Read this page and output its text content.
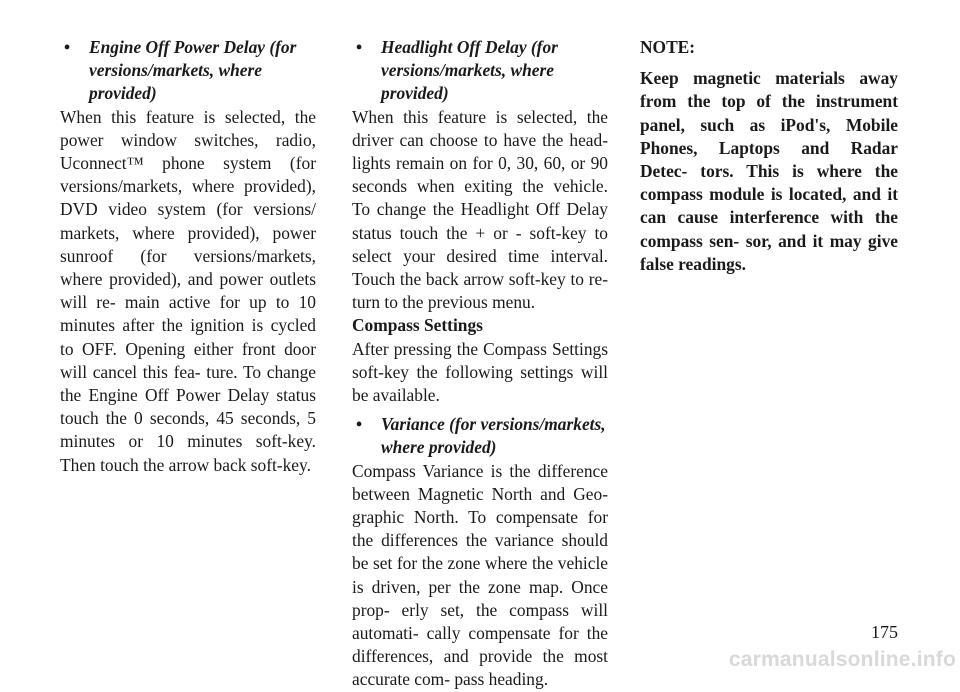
• Engine Off Power Delay (for versions/markets, where provided)

When this feature is selected, the power window switches, radio, Uconnect™ phone system (for versions/markets, where provided), DVD video system (for versions/ markets, where provided), power sunroof (for versions/markets, where provided), and power outlets will re- main active for up to 10 minutes after the ignition is cycled to OFF. Opening either front door will cancel this fea- ture. To change the Engine Off Power Delay status touch the 0 seconds, 45 seconds, 5 minutes or 10 minutes soft-key. Then touch the arrow back soft-key.

• Headlight Off Delay (for versions/markets, where provided)

When this feature is selected, the driver can choose to have the head- lights remain on for 0, 30, 60, or 90 seconds when exiting the vehicle. To change the Headlight Off Delay status touch the + or - soft-key to select your desired time interval. Touch the back arrow soft-key to re- turn to the previous menu.

Compass Settings

After pressing the Compass Settings soft-key the following settings will be available.

• Variance (for versions/markets, where provided)

Compass Variance is the difference between Magnetic North and Geo- graphic North. To compensate for the differences the variance should be set for the zone where the vehicle is driven, per the zone map. Once prop- erly set, the compass will automati- cally compensate for the differences, and provide the most accurate com- pass heading.

NOTE:

Keep magnetic materials away from the top of the instrument panel, such as iPod's, Mobile Phones, Laptops and Radar Detec- tors. This is where the compass module is located, and it can cause interference with the compass sen- sor, and it may give false readings.

175
carmanualsonline.info
